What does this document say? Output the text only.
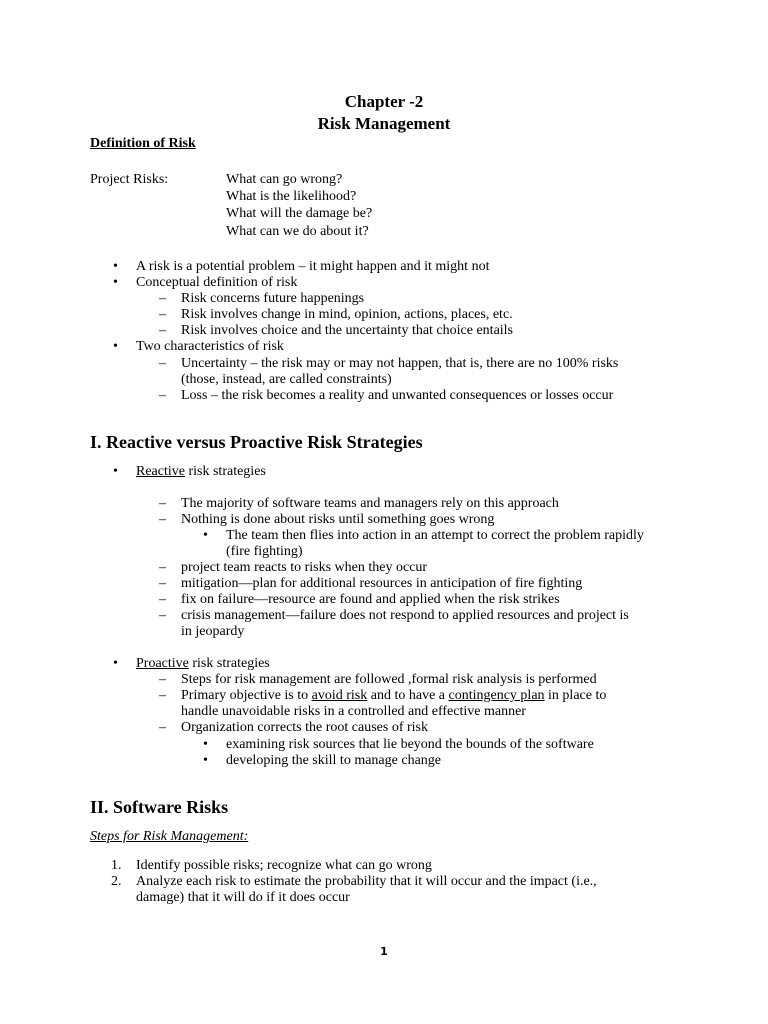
Chapter -2
Risk Management
Definition of Risk
Project Risks:	What can go wrong?
What is the likelihood?
What will the damage be?
What can we do about it?
• A risk is a potential problem – it might happen and it might not
• Conceptual definition of risk
– Risk concerns future happenings
– Risk involves change in mind, opinion, actions, places, etc.
– Risk involves choice and the uncertainty that choice entails
• Two characteristics of risk
– Uncertainty – the risk may or may not happen, that is, there are no 100% risks
(those, instead, are called constraints)
– Loss – the risk becomes a reality and unwanted consequences or losses occur
I. Reactive versus Proactive Risk Strategies
• Reactive risk strategies
– The majority of software teams and managers rely on this approach
– Nothing is done about risks until something goes wrong
• The team then flies into action in an attempt to correct the problem rapidly
(fire fighting)
– project team reacts to risks when they occur
– mitigation—plan for additional resources in anticipation of fire fighting
– fix on failure—resource are found and applied when the risk strikes
– crisis management—failure does not respond to applied resources and project is
in jeopardy
• Proactive risk strategies
– Steps for risk management are followed ,formal risk analysis is performed
– Primary objective is to avoid risk and to have a contingency plan in place to
handle unavoidable risks in a controlled and effective manner
– Organization corrects the root causes of risk
• examining risk sources that lie beyond the bounds of the software
• developing the skill to manage change
II. Software Risks
Steps for Risk Management:
1. Identify possible risks; recognize what can go wrong
2. Analyze each risk to estimate the probability that it will occur and the impact (i.e.,
damage) that it will do if it does occur
1
